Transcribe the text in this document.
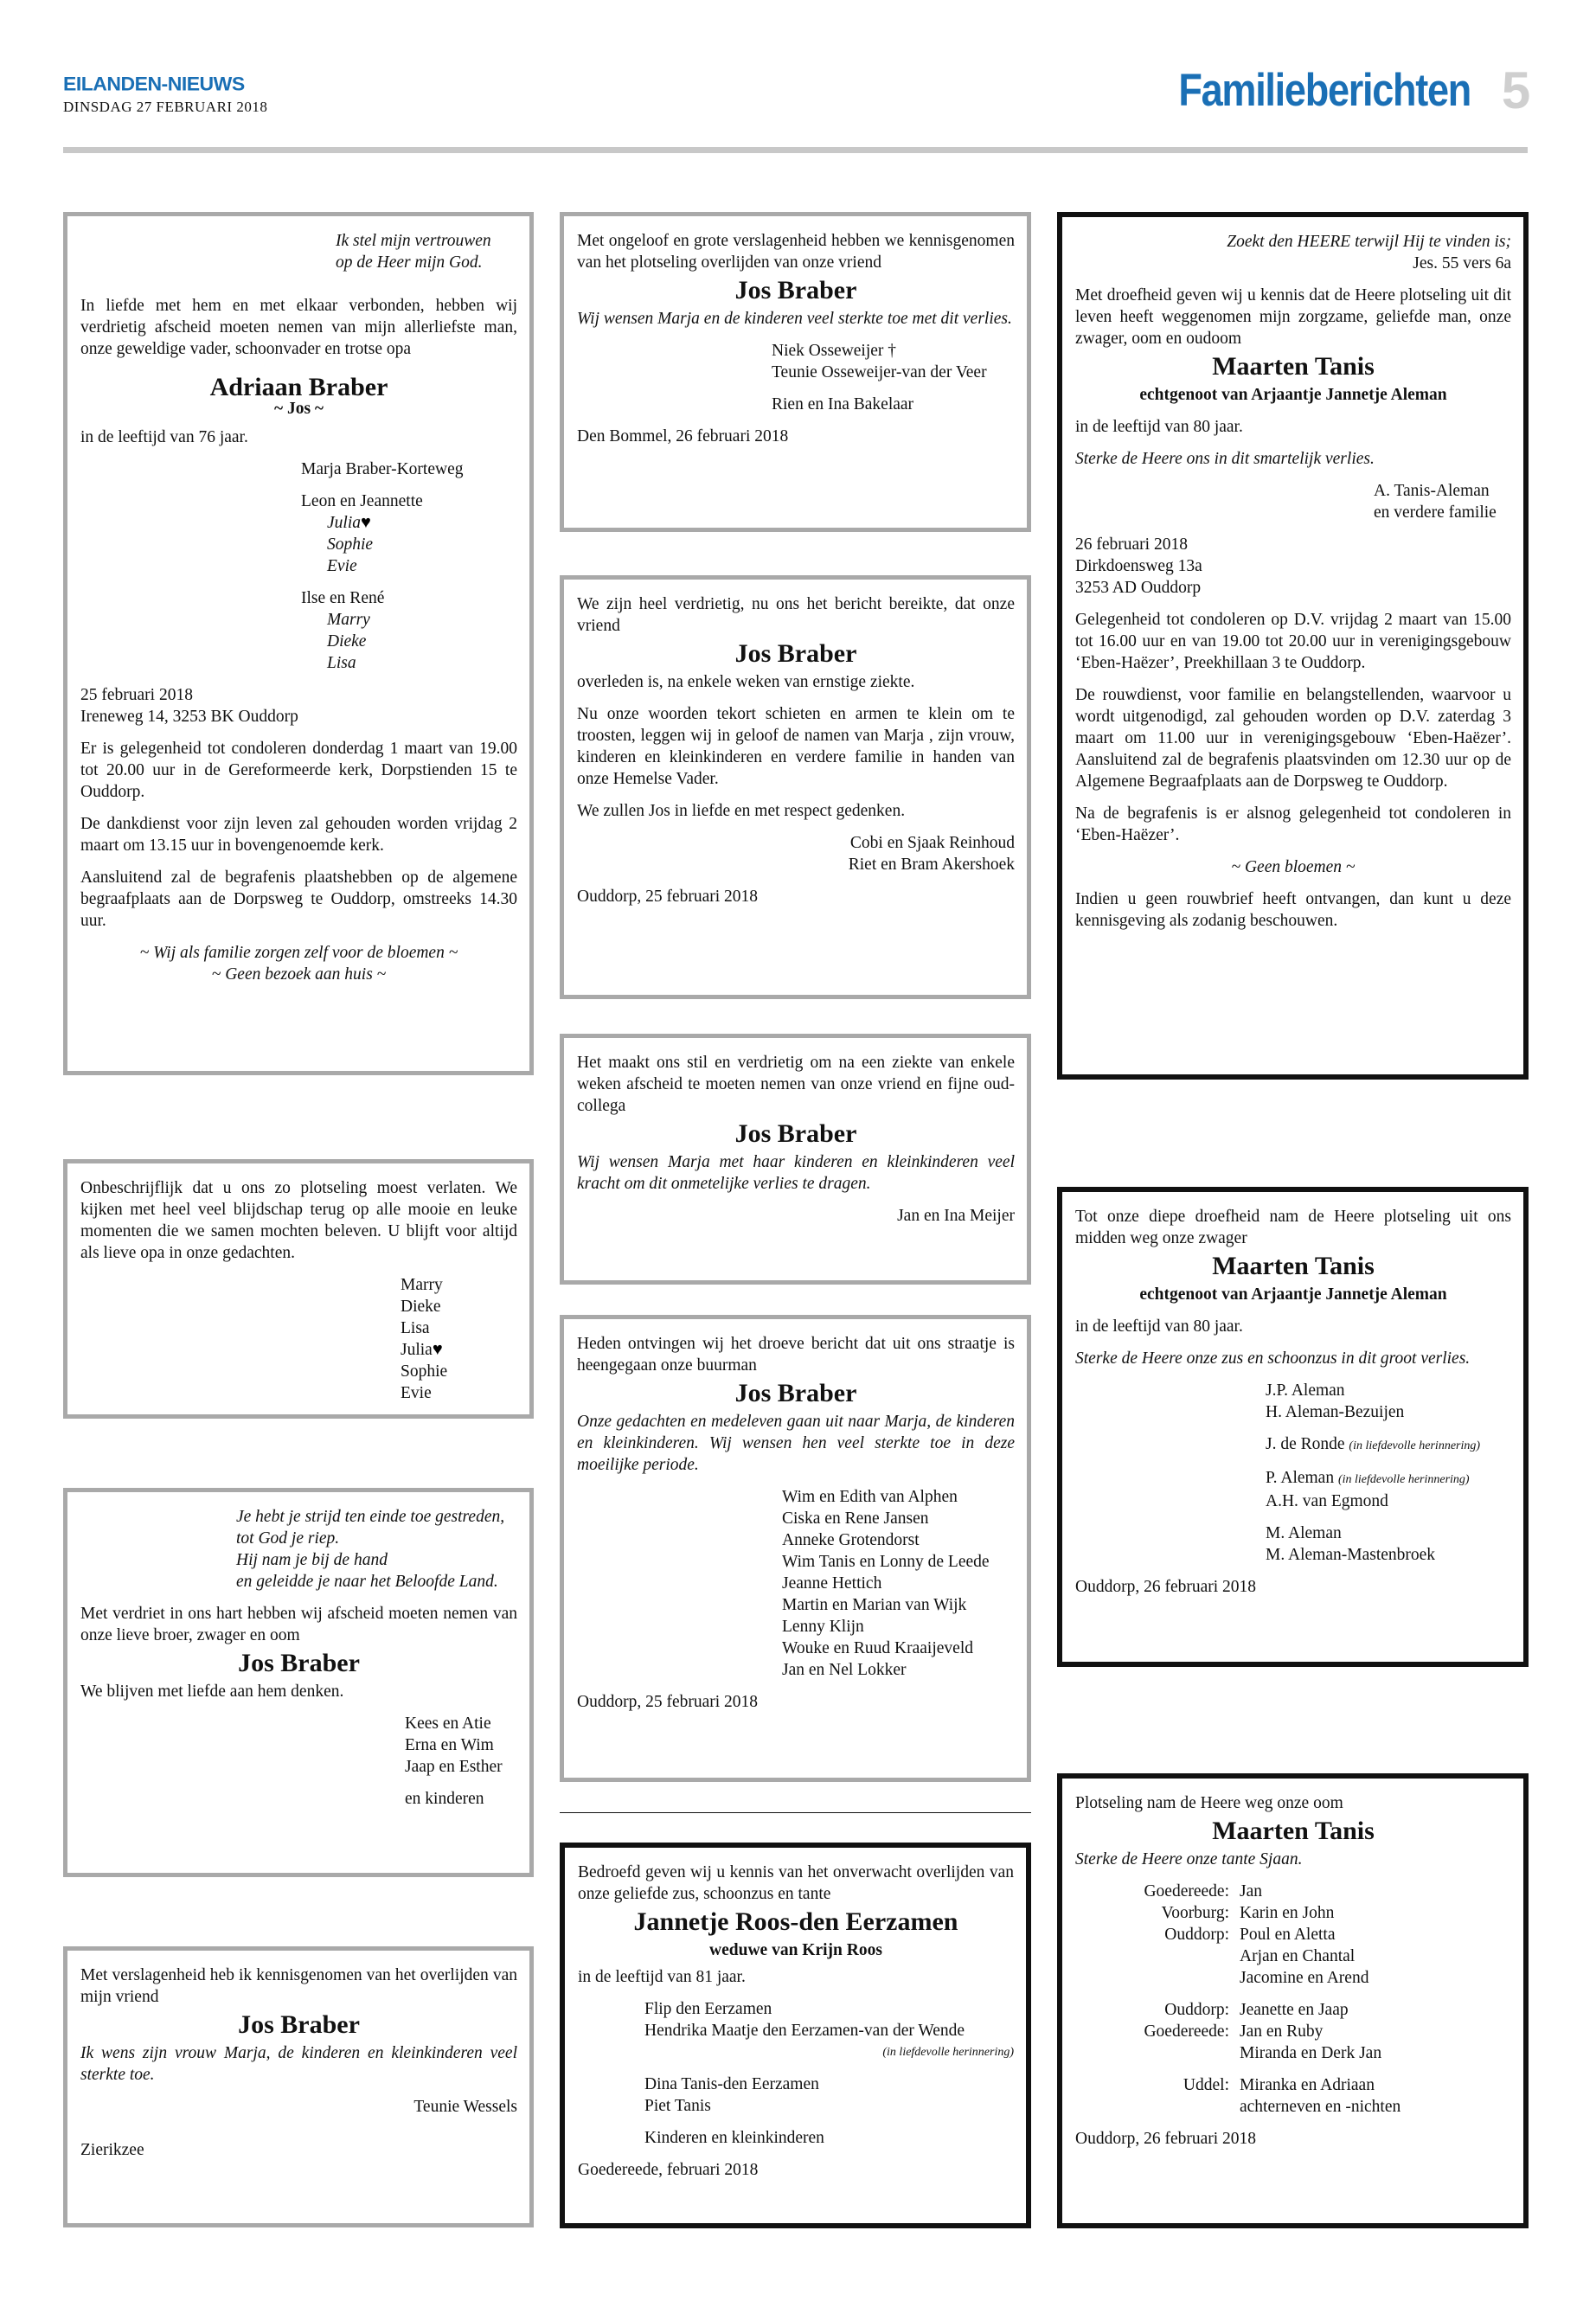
EILANDEN-NIEUWS
DINSDAG 27 FEBRUARI 2018	Familieberichten 5

Ik stel mijn vertrouwen

op de Heer mijn God.

In liefde met hem en met elkaar verbonden, hebben wij verdrietig afscheid moeten nemen van mijn allerliefste man, onze geweldige vader, schoonvader en trotse opa

Adriaan Braber

~ Jos ~

in de leeftijd van 76 jaar.

Marja Braber-Korteweg

Leon en Jeannette

Julia♥

Sophie

Evie

Ilse en René

Marry

Dieke

Lisa

25 februari 2018

Ireneweg 14, 3253 BK Ouddorp

Er is gelegenheid tot condoleren donderdag 1 maart van 19.00 tot 20.00 uur in de Gereformeerde kerk, Dorpstienden 15 te Ouddorp.

De dankdienst voor zijn leven zal gehouden worden vrijdag 2 maart om 13.15 uur in bovengenoemde kerk.

Aansluitend zal de begrafenis plaatshebben op de algemene begraafplaats aan de Dorpsweg te Ouddorp, omstreeks 14.30 uur.

~ Wij als familie zorgen zelf voor de bloemen ~

~ Geen bezoek aan huis ~

Onbeschrijflijk dat u ons zo plotseling moest verlaten. We kijken met heel veel blijdschap terug op alle mooie en leuke momenten die we samen mochten beleven. U blijft voor altijd als lieve opa in onze gedachten.

Marry

Dieke

Lisa

Julia♥

Sophie

Evie

Je hebt je strijd ten einde toe gestreden,

tot God je riep.

Hij nam je bij de hand

en geleidde je naar het Beloofde Land.

Met verdriet in ons hart hebben wij afscheid moeten nemen van onze lieve broer, zwager en oom

Jos Braber

We blijven met liefde aan hem denken.

Kees en Atie

Erna en Wim

Jaap en Esther

en kinderen

Met verslagenheid heb ik kennisgenomen van het overlijden van mijn vriend

Jos Braber

Ik wens zijn vrouw Marja, de kinderen en kleinkinderen veel sterkte toe.

Teunie Wessels

Zierikzee

Met ongeloof en grote verslagenheid hebben we kennisgenomen van het plotseling overlijden van onze vriend

Jos Braber

Wij wensen Marja en de kinderen veel sterkte toe met dit verlies.

Niek Osseweijer †

Teunie Osseweijer-van der Veer

Rien en Ina Bakelaar

Den Bommel, 26 februari 2018

We zijn heel verdrietig, nu ons het bericht bereikte, dat onze vriend

Jos Braber

overleden is, na enkele weken van ernstige ziekte.

Nu onze woorden tekort schieten en armen te klein om te troosten, leggen wij in geloof de namen van Marja , zijn vrouw, kinderen en kleinkinderen en verdere familie in handen van onze Hemelse Vader.

We zullen Jos in liefde en met respect gedenken.

Cobi en Sjaak Reinhoud

Riet en Bram Akershoek

Ouddorp, 25 februari 2018

Het maakt ons stil en verdrietig om na een ziekte van enkele weken afscheid te moeten nemen van onze vriend en fijne oud-collega

Jos Braber

Wij wensen Marja met haar kinderen en kleinkinderen veel kracht om dit onmetelijke verlies te dragen.

Jan en Ina Meijer

Heden ontvingen wij het droeve bericht dat uit ons straatje is heengegaan onze buurman

Jos Braber

Onze gedachten en medeleven gaan uit naar Marja, de kinderen en kleinkinderen. Wij wensen hen veel sterkte toe in deze moeilijke periode.

Wim en Edith van Alphen

Ciska en Rene Jansen

Anneke Grotendorst

Wim Tanis en Lonny de Leede

Jeanne Hettich

Martin en Marian van Wijk

Lenny Klijn

Wouke en Ruud Kraaijeveld

Jan en Nel Lokker

Ouddorp, 25 februari 2018

Bedroefd geven wij u kennis van het onverwacht overlijden van onze geliefde zus, schoonzus en tante

Jannetje Roos-den Eerzamen

weduwe van Krijn Roos

in de leeftijd van 81 jaar.

Flip den Eerzamen

Hendrika Maatje den Eerzamen-van der Wende

(in liefdevolle herinnering)

Dina Tanis-den Eerzamen

Piet Tanis

Kinderen en kleinkinderen

Goedereede, februari 2018

Zoekt den HEERE terwijl Hij te vinden is;

Jes. 55 vers 6a

Met droefheid geven wij u kennis dat de Heere plotseling uit dit leven heeft weggenomen mijn zorgzame, geliefde man, onze zwager, oom en oudoom

Maarten Tanis

echtgenoot van Arjaantje Jannetje Aleman

in de leeftijd van 80 jaar.

Sterke de Heere ons in dit smartelijk verlies.

A. Tanis-Aleman

en verdere familie

26 februari 2018

Dirkdoensweg 13a

3253 AD Ouddorp

Gelegenheid tot condoleren op D.V. vrijdag 2 maart van 15.00 tot 16.00 uur en van 19.00 tot 20.00 uur in verenigingsgebouw ‘Eben-Haëzer’, Preekhillaan 3 te Ouddorp.

De rouwdienst, voor familie en belangstellenden, waarvoor u wordt uitgenodigd, zal gehouden worden op D.V. zaterdag 3 maart om 11.00 uur in verenigingsgebouw ‘Eben-Haëzer’. Aansluitend zal de begrafenis plaatsvinden om 12.30 uur op de Algemene Begraafplaats aan de Dorpsweg te Ouddorp.

Na de begrafenis is er alsnog gelegenheid tot condoleren in ‘Eben-Haëzer’.

~ Geen bloemen ~

Indien u geen rouwbrief heeft ontvangen, dan kunt u deze kennisgeving als zodanig beschouwen.

Tot onze diepe droefheid nam de Heere plotseling uit ons midden weg onze zwager

Maarten Tanis

echtgenoot van Arjaantje Jannetje Aleman

in de leeftijd van 80 jaar.

Sterke de Heere onze zus en schoonzus in dit groot verlies.

J.P. Aleman

H. Aleman-Bezuijen

J. de Ronde (in liefdevolle herinnering)

P. Aleman (in liefdevolle herinnering)

A.H. van Egmond

M. Aleman

M. Aleman-Mastenbroek

Ouddorp, 26 februari 2018

Plotseling nam de Heere weg onze oom

Maarten Tanis

Sterke de Heere onze tante Sjaan.

Goedereede: Jan
Voorburg: Karin en John
Ouddorp: Poul en Aletta
Arjan en Chantal
Jacomine en Arend
Ouddorp: Jeanette en Jaap
Goedereede: Jan en Ruby
Miranda en Derk Jan
Uddel: Miranka en Adriaan
achterneven en -nichten

Ouddorp, 26 februari 2018
